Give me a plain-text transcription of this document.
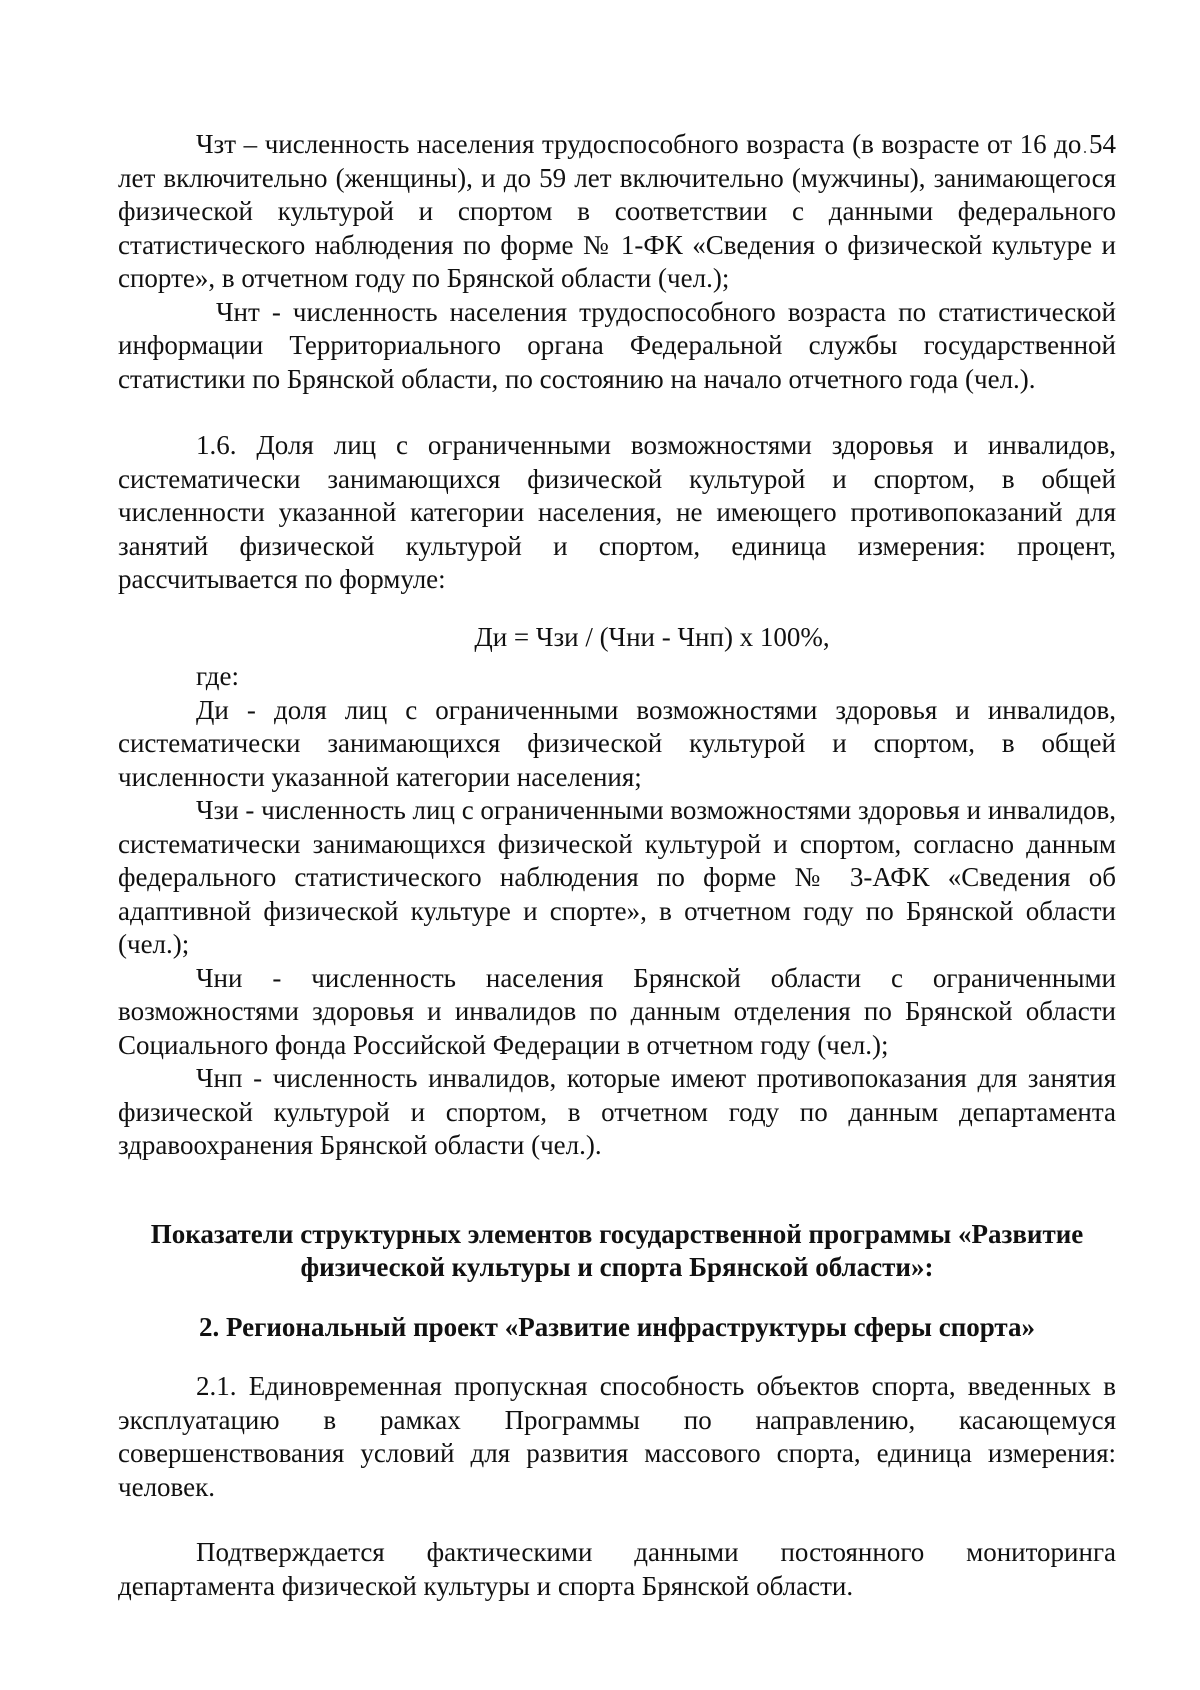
Чзт – численность населения трудоспособного возраста (в возрасте от 16 до 54 лет включительно (женщины), и до 59 лет включительно (мужчины), занимающегося физической культурой и спортом в соответствии с данными федерального статистического наблюдения по форме № 1-ФК «Сведения о физической культуре и спорте», в отчетном году по Брянской области (чел.);

Чнт - численность населения трудоспособного возраста по статистической информации Территориального органа Федеральной службы государственной статистики по Брянской области, по состоянию на начало отчетного года (чел.).

1.6. Доля лиц с ограниченными возможностями здоровья и инвалидов, систематически занимающихся физической культурой и спортом, в общей численности указанной категории населения, не имеющего противопоказаний для занятий физической культурой и спортом, единица измерения: процент, рассчитывается по формуле:

Ди = Чзи / (Чни - Чнп) х 100%,

где:

Ди - доля лиц с ограниченными возможностями здоровья и инвалидов, систематически занимающихся физической культурой и спортом, в общей численности указанной категории населения;

Чзи - численность лиц с ограниченными возможностями здоровья и инвалидов, систематически занимающихся физической культурой и спортом, согласно данным федерального статистического наблюдения по форме № 3-АФК «Сведения об адаптивной физической культуре и спорте», в отчетном году по Брянской области (чел.);

Чни - численность населения Брянской области с ограниченными возможностями здоровья и инвалидов по данным отделения по Брянской области Социального фонда Российской Федерации в отчетном году (чел.);

Чнп - численность инвалидов, которые имеют противопоказания для занятия физической культурой и спортом, в отчетном году по данным департамента здравоохранения Брянской области (чел.).

Показатели структурных элементов государственной программы «Развитие физической культуры и спорта Брянской области»:

2. Региональный проект «Развитие инфраструктуры сферы спорта»

2.1. Единовременная пропускная способность объектов спорта, введенных в эксплуатацию в рамках Программы по направлению, касающемуся совершенствования условий для развития массового спорта, единица измерения: человек.

Подтверждается фактическими данными постоянного мониторинга департамента физической культуры и спорта Брянской области.
